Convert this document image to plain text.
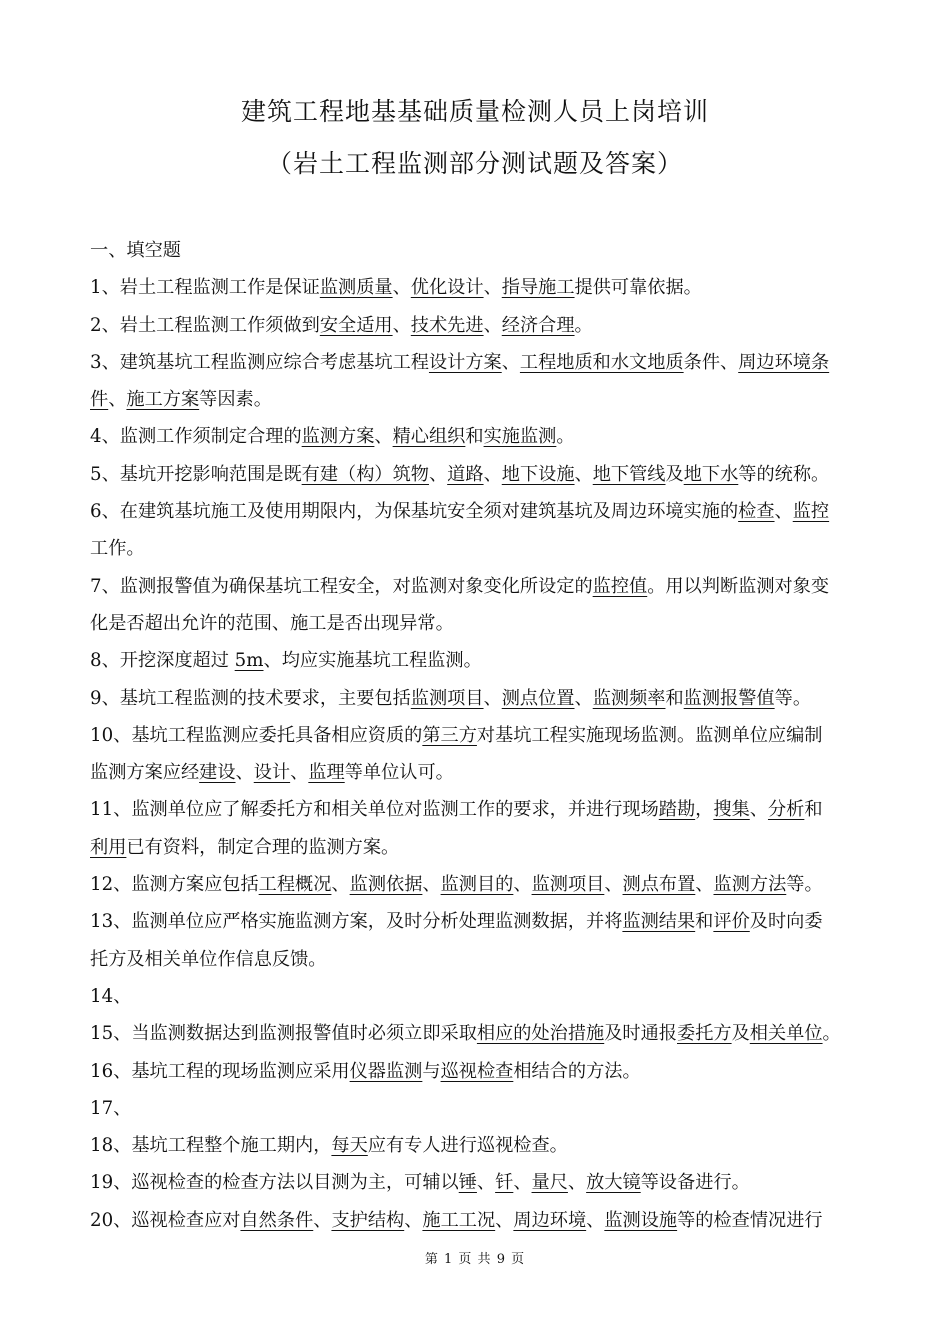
建筑工程地基基础质量检测人员上岗培训
（岩土工程监测部分测试题及答案）
一、填空题
1、岩土工程监测工作是保证监测质量、优化设计、指导施工提供可靠依据。
2、岩土工程监测工作须做到安全适用、技术先进、经济合理。
3、建筑基坑工程监测应综合考虑基坑工程设计方案、工程地质和水文地质条件、周边环境条
件、施工方案等因素。
4、监测工作须制定合理的监测方案、精心组织和实施监测。
5、基坑开挖影响范围是既有建（构）筑物、道路、地下设施、地下管线及地下水等的统称。
6、在建筑基坑施工及使用期限内，为保基坑安全须对建筑基坑及周边环境实施的检查、监控
工作。
7、监测报警值为确保基坑工程安全，对监测对象变化所设定的监控值。用以判断监测对象变
化是否超出允许的范围、施工是否出现异常。
8、开挖深度超过 5m、均应实施基坑工程监测。
9、基坑工程监测的技术要求，主要包括监测项目、测点位置、监测频率和监测报警值等。
10、基坑工程监测应委托具备相应资质的第三方对基坑工程实施现场监测。监测单位应编制
监测方案应经建设、设计、监理等单位认可。
11、监测单位应了解委托方和相关单位对监测工作的要求，并进行现场踏勘，搜集、分析和
利用已有资料，制定合理的监测方案。
12、监测方案应包括工程概况、监测依据、监测目的、监测项目、测点布置、监测方法等。
13、监测单位应严格实施监测方案，及时分析处理监测数据，并将监测结果和评价及时向委
托方及相关单位作信息反馈。
14、
15、当监测数据达到监测报警值时必须立即采取相应的处治措施及时通报委托方及相关单位。
16、基坑工程的现场监测应采用仪器监测与巡视检查相结合的方法。
17、
18、基坑工程整个施工期内，每天应有专人进行巡视检查。
19、巡视检查的检查方法以目测为主，可辅以锤、钎、量尺、放大镜等设备进行。
20、巡视检查应对自然条件、支护结构、施工工况、周边环境、监测设施等的检查情况进行
第 1 页 共 9 页
